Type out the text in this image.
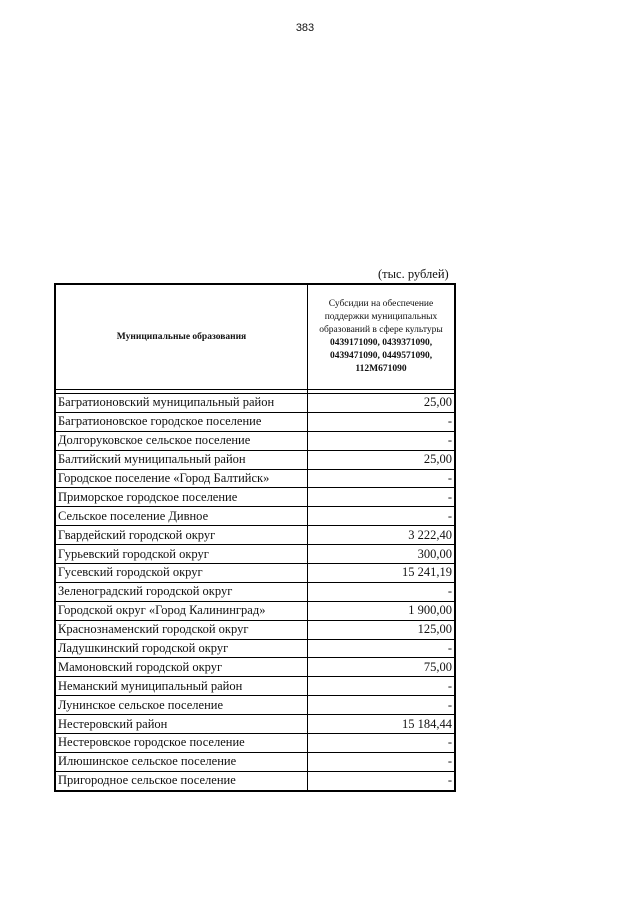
383
(тыс. рублей)
Муниципальные образования	Субсидии на обеспечение поддержки муниципальных образований в сфере культуры
0439171090, 0439371090, 0439471090, 0449571090, 112M671090

Багратионовский муниципальный район	25,00
Багратионовское городское поселение	-
Долгоруковское сельское поселение	-
Балтийский муниципальный район	25,00
Городское поселение «Город Балтийск»	-
Приморское городское поселение	-
Сельское поселение Дивное	-
Гвардейский городской округ	3 222,40
Гурьевский городской округ	300,00
Гусевский городской округ	15 241,19
Зеленоградский городской округ	-
Городской округ «Город Калининград»	1 900,00
Краснознаменский городской округ	125,00
Ладушкинский городской округ	-
Мамоновский городской округ	75,00
Неманский муниципальный район	-
Лунинское сельское поселение	-
Нестеровский район	15 184,44
Нестеровское городское поселение	-
Илюшинское сельское поселение	-
Пригородное сельское поселение	-
